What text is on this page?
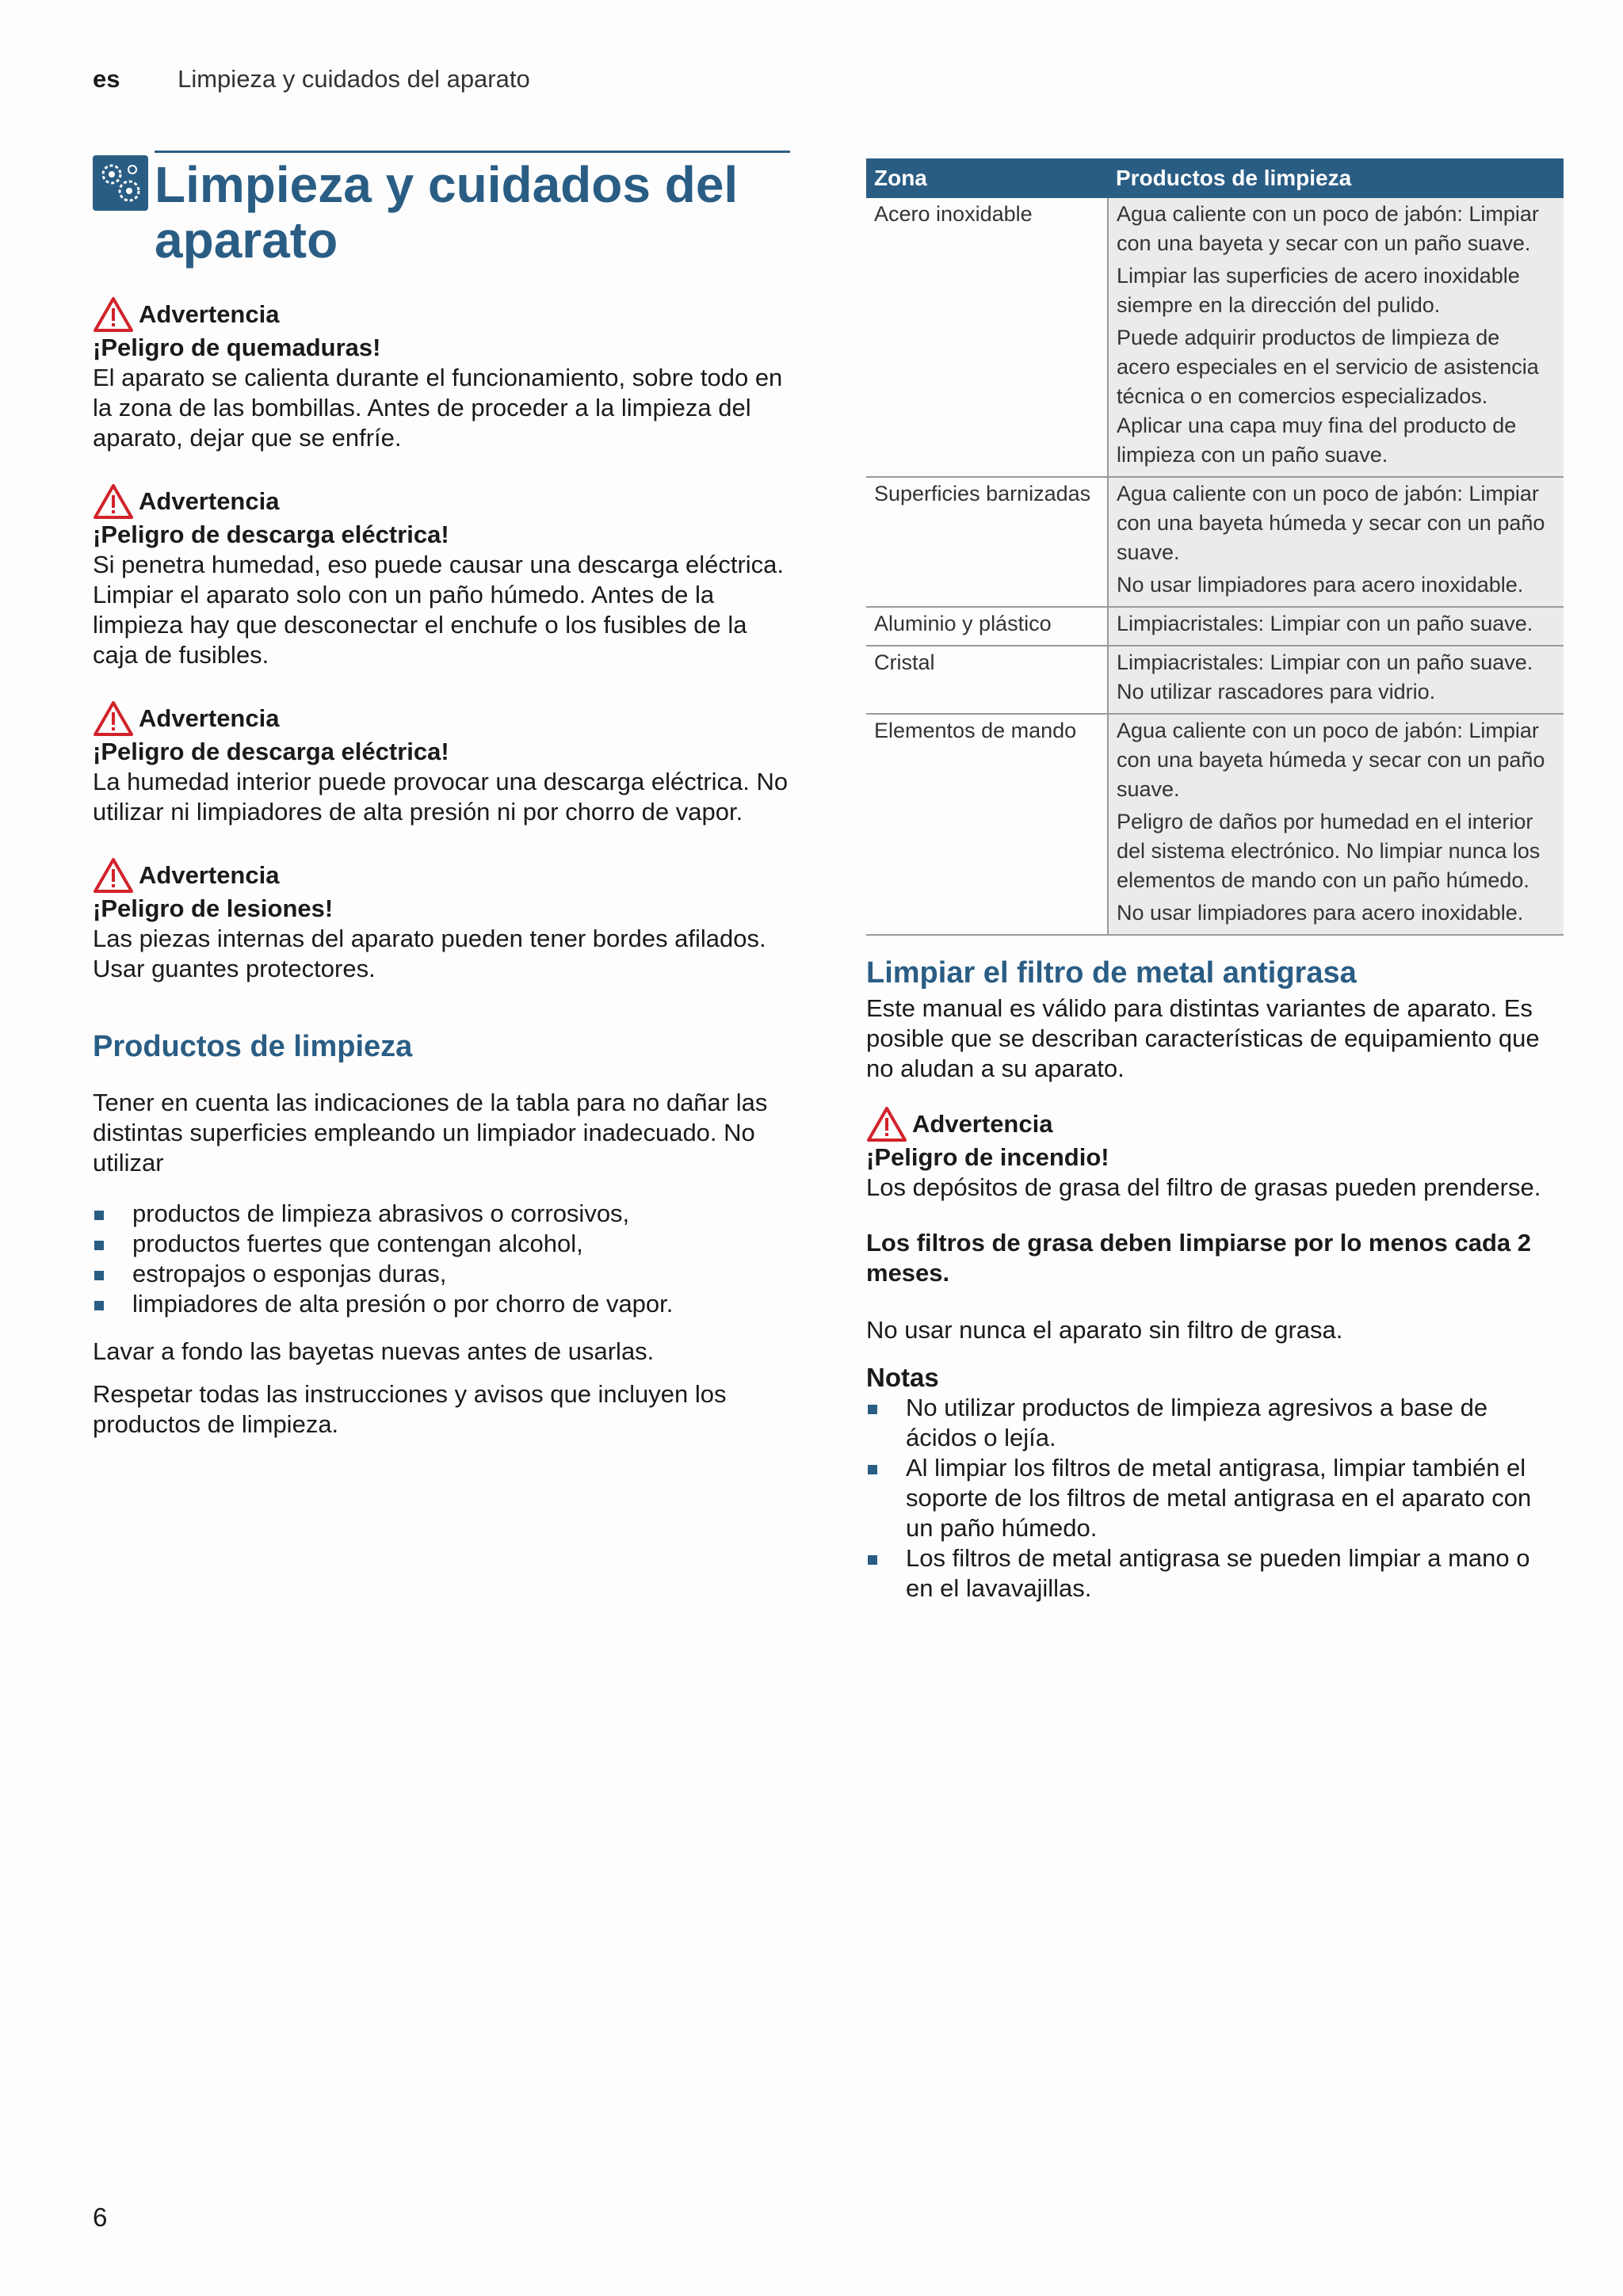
es Limpieza y cuidados del aparato
Limpieza y cuidados del
aparato
Advertencia
¡Peligro de quemaduras!
El aparato se calienta durante el funcionamiento, sobre todo en la zona de las bombillas. Antes de proceder a la limpieza del aparato, dejar que se enfríe.
Advertencia
¡Peligro de descarga eléctrica!
Si penetra humedad, eso puede causar una descarga eléctrica. Limpiar el aparato solo con un paño húmedo. Antes de la limpieza hay que desconectar el enchufe o los fusibles de la caja de fusibles.
Advertencia
¡Peligro de descarga eléctrica!
La humedad interior puede provocar una descarga eléctrica. No utilizar ni limpiadores de alta presión ni por chorro de vapor.
Advertencia
¡Peligro de lesiones!
Las piezas internas del aparato pueden tener bordes afilados. Usar guantes protectores.
Productos de limpieza

Tener en cuenta las indicaciones de la tabla para no dañar las distintas superficies empleando un limpiador inadecuado. No utilizar

productos de limpieza abrasivos o corrosivos,
productos fuertes que contengan alcohol,
estropajos o esponjas duras,
limpiadores de alta presión o por chorro de vapor.

Lavar a fondo las bayetas nuevas antes de usarlas.

Respetar todas las instrucciones y avisos que incluyen los productos de limpieza.

Zona	Productos de limpieza
Acero inoxidable	Agua caliente con un poco de jabón: Limpiar con una bayeta y secar con un paño suave.
Limpiar las superficies de acero inoxidable siempre en la dirección del pulido.
Puede adquirir productos de limpieza de acero especiales en el servicio de asistencia técnica o en comercios especializados. Aplicar una capa muy fina del producto de limpieza con un paño suave.

Superficies barnizadas	Agua caliente con un poco de jabón: Limpiar con una bayeta húmeda y secar con un paño suave.
No usar limpiadores para acero inoxidable.

Aluminio y plástico	Limpiacristales: Limpiar con un paño suave.

Cristal	Limpiacristales: Limpiar con un paño suave. No utilizar rascadores para vidrio.

Elementos de mando	Agua caliente con un poco de jabón: Limpiar con una bayeta húmeda y secar con un paño suave.
Peligro de daños por humedad en el interior del sistema electrónico. No limpiar nunca los elementos de mando con un paño húmedo.
No usar limpiadores para acero inoxidable.
Limpiar el filtro de metal antigrasa

Este manual es válido para distintas variantes de aparato. Es posible que se describan características de equipamiento que no aludan a su aparato.

Advertencia
¡Peligro de incendio!
Los depósitos de grasa del filtro de grasas pueden prenderse.

Los filtros de grasa deben limpiarse por lo menos cada 2 meses.

No usar nunca el aparato sin filtro de grasa.

Notas
No utilizar productos de limpieza agresivos a base de ácidos o lejía.
Al limpiar los filtros de metal antigrasa, limpiar también el soporte de los filtros de metal antigrasa en el aparato con un paño húmedo.
Los filtros de metal antigrasa se pueden limpiar a mano o en el lavavajillas.
6
